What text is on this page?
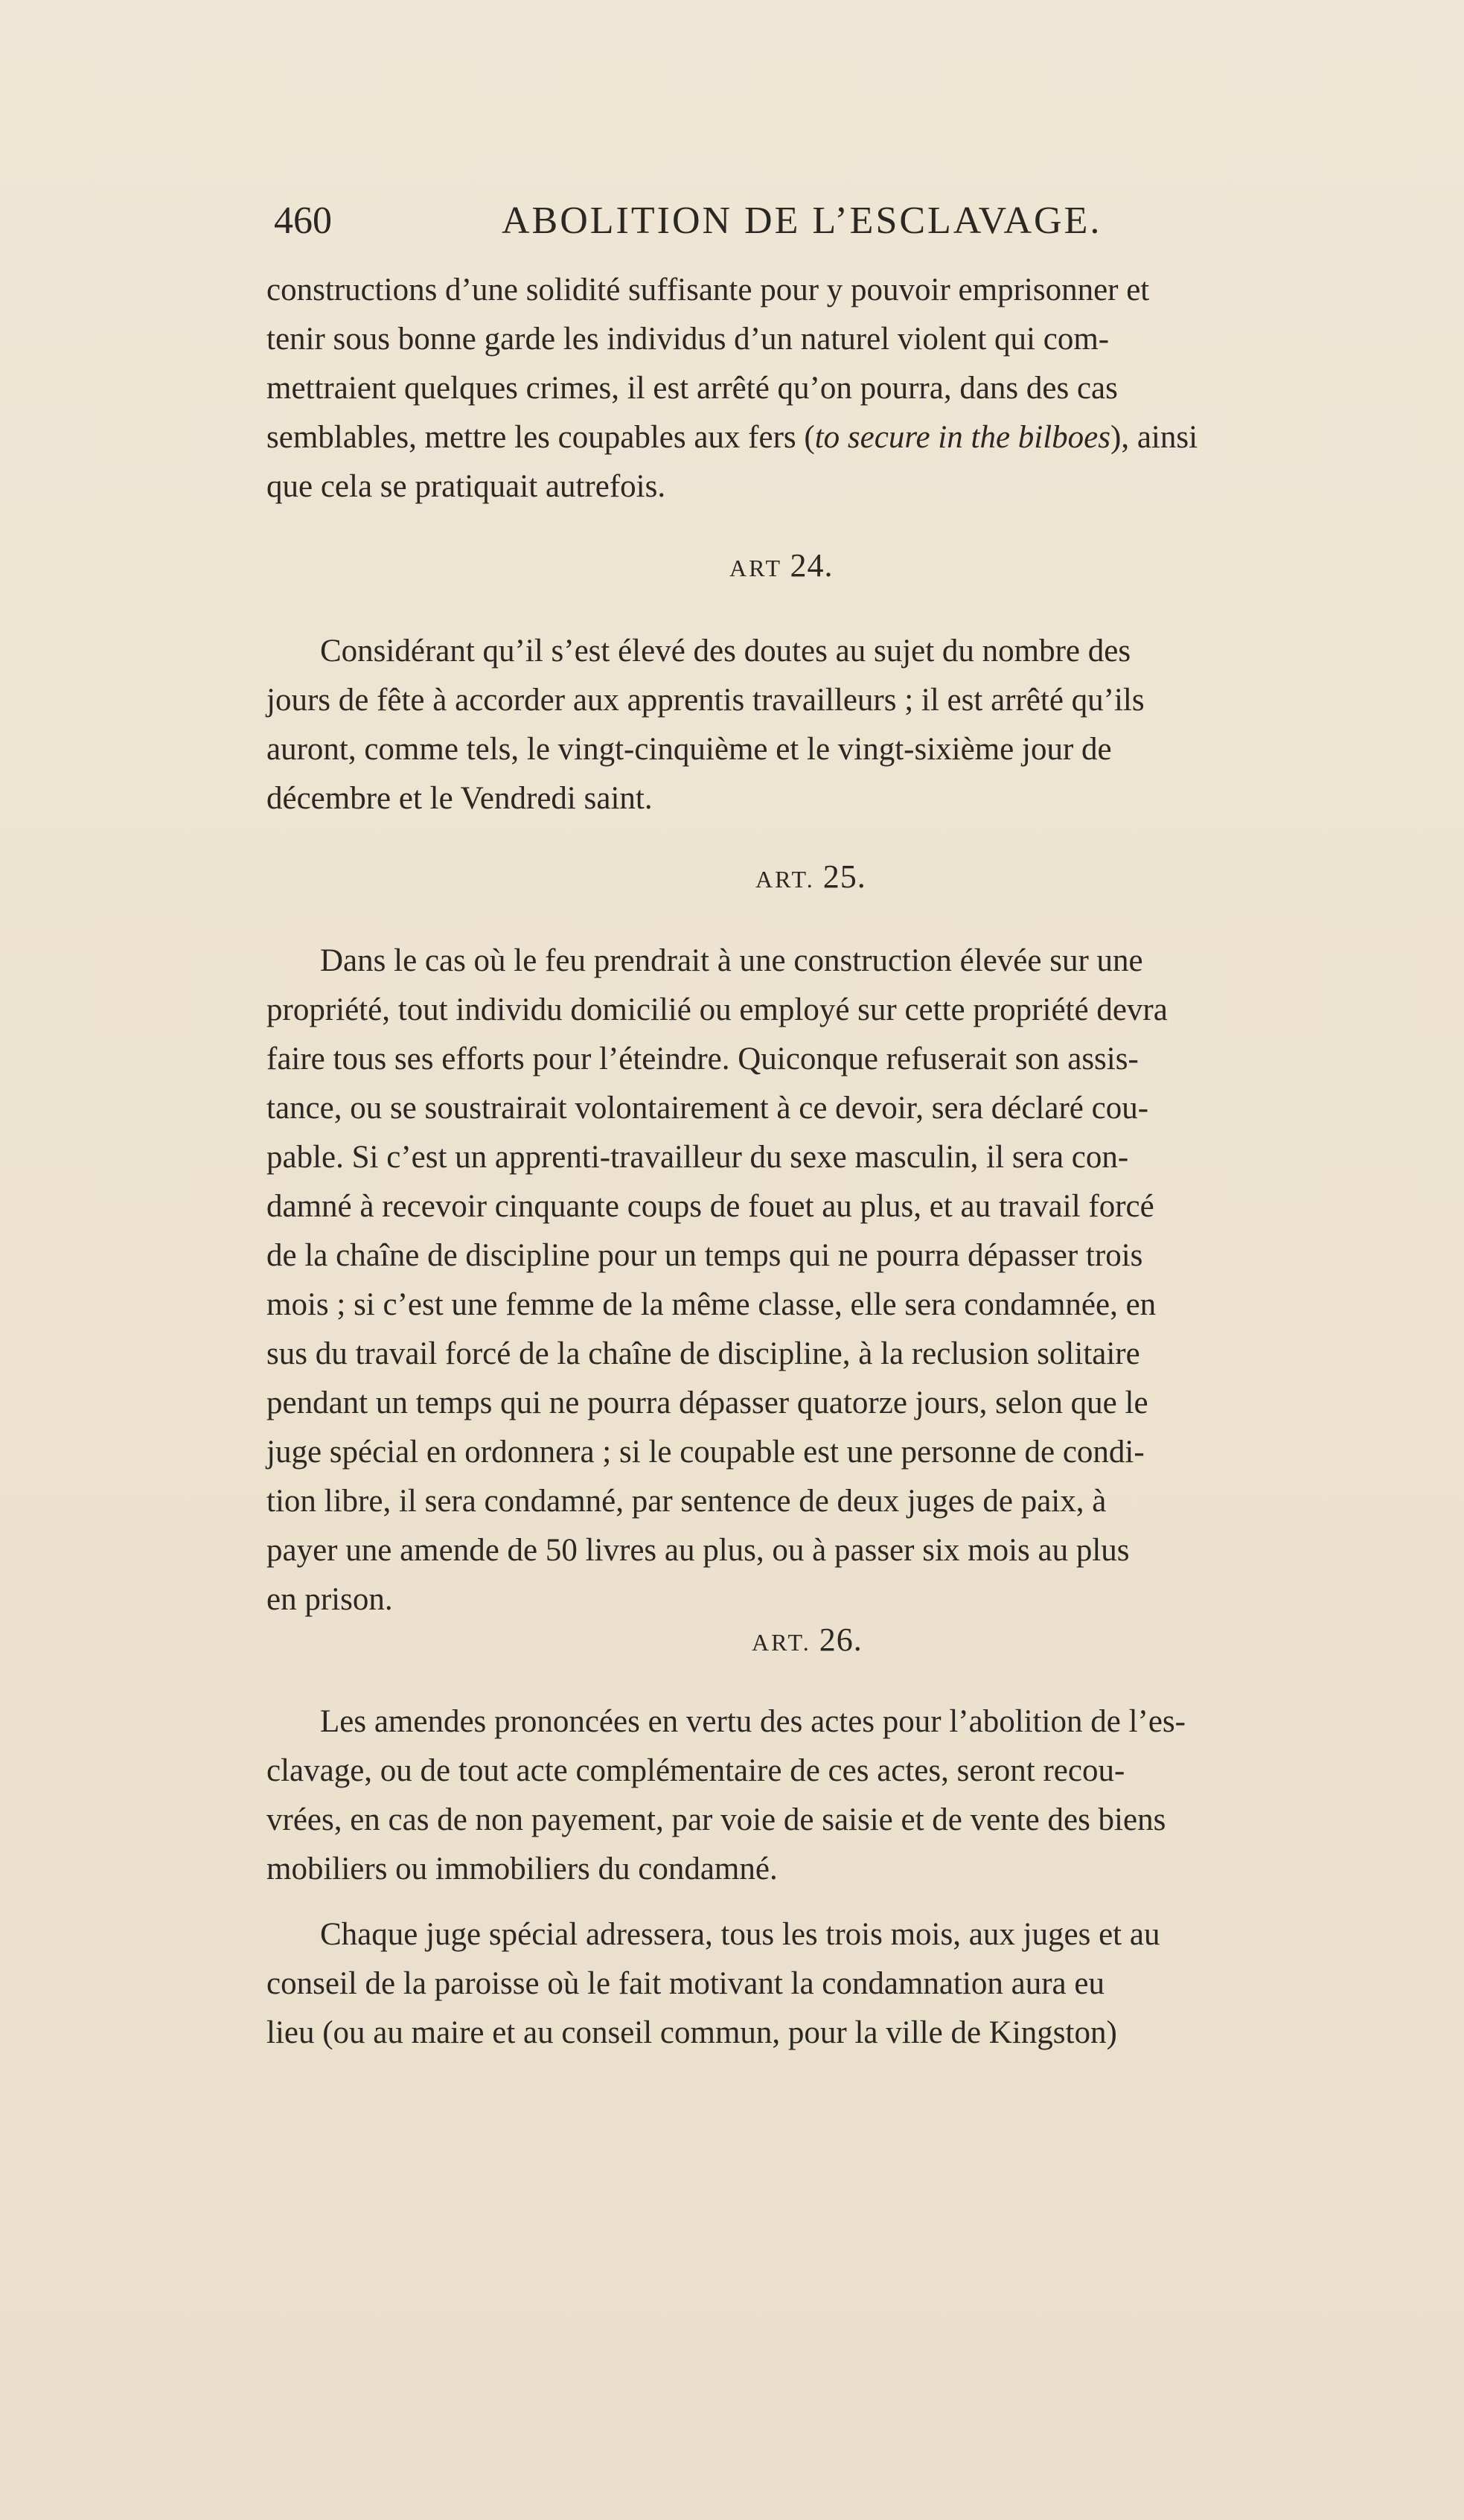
460	ABOLITION DE L’ESCLAVAGE.
constructions d’une solidité suffisante pour y pouvoir emprisonner et
tenir sous bonne garde les individus d’un naturel violent qui com-
mettraient quelques crimes, il est arrêté qu’on pourra, dans des cas
semblables, mettre les coupables aux fers (to secure in the bilboes), ainsi
que cela se pratiquait autrefois.
ART 24.
Considérant qu’il s’est élevé des doutes au sujet du nombre des
jours de fête à accorder aux apprentis travailleurs ; il est arrêté qu’ils
auront, comme tels, le vingt-cinquième et le vingt-sixième jour de
décembre et le Vendredi saint.
ART. 25.
Dans le cas où le feu prendrait à une construction élevée sur une
propriété, tout individu domicilié ou employé sur cette propriété devra
faire tous ses efforts pour l’éteindre. Quiconque refuserait son assis-
tance, ou se soustrairait volontairement à ce devoir, sera déclaré cou-
pable. Si c’est un apprenti-travailleur du sexe masculin, il sera con-
damné à recevoir cinquante coups de fouet au plus, et au travail forcé
de la chaîne de discipline pour un temps qui ne pourra dépasser trois
mois ; si c’est une femme de la même classe, elle sera condamnée, en
sus du travail forcé de la chaîne de discipline, à la reclusion solitaire
pendant un temps qui ne pourra dépasser quatorze jours, selon que le
juge spécial en ordonnera ; si le coupable est une personne de condi-
tion libre, il sera condamné, par sentence de deux juges de paix, à
payer une amende de 50 livres au plus, ou à passer six mois au plus
en prison.
ART. 26.
Les amendes prononcées en vertu des actes pour l’abolition de l’es-
clavage, ou de tout acte complémentaire de ces actes, seront recou-
vrées, en cas de non payement, par voie de saisie et de vente des biens
mobiliers ou immobiliers du condamné.
Chaque juge spécial adressera, tous les trois mois, aux juges et au
conseil de la paroisse où le fait motivant la condamnation aura eu
lieu (ou au maire et au conseil commun, pour la ville de Kingston)
